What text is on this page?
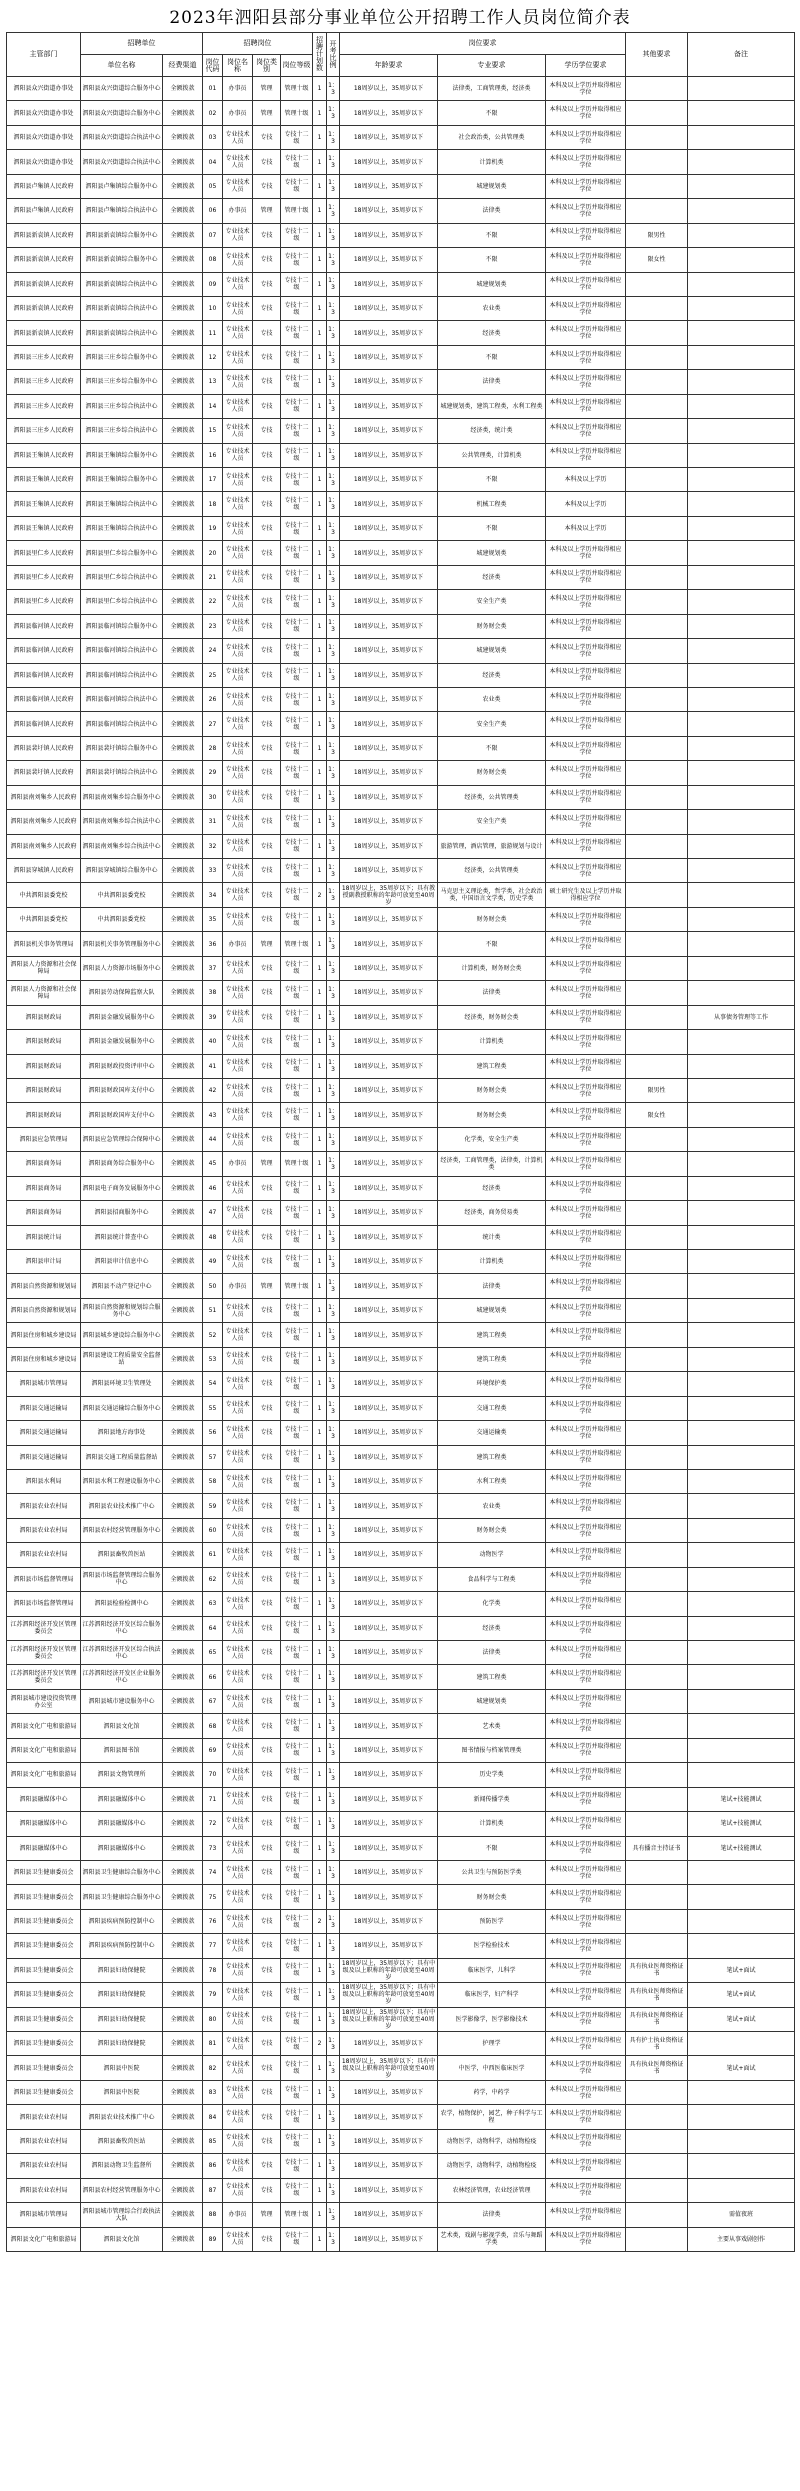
2023年泗阳县部分事业单位公开招聘工作人员岗位简介表
主管部门	招聘单位		招聘岗位				招聘计划数	开考比例	岗位要求			其他要求	备注
	单位名称	经费渠道	岗位代码	岗位名称	岗位类别	岗位等级			年龄要求	专业要求	学历学位要求		
泗阳县众兴街道办事处	泗阳县众兴街道综合服务中心	全额拨款	01	办事员	管理	管理十级	1	1：3	18周岁以上，35周岁以下	法律类，工商管理类，经济类	本科及以上学历并取得相应学位		
泗阳县众兴街道办事处	泗阳县众兴街道综合服务中心	全额拨款	02	办事员	管理	管理十级	1	1：3	18周岁以上，35周岁以下	不限	本科及以上学历并取得相应学位		
泗阳县众兴街道办事处	泗阳县众兴街道综合执法中心	全额拨款	03	专业技术人员	专技	专技十二级	1	1：3	18周岁以上，35周岁以下	社会政治类，公共管理类	本科及以上学历并取得相应学位		
泗阳县众兴街道办事处	泗阳县众兴街道综合执法中心	全额拨款	04	专业技术人员	专技	专技十二级	1	1：3	18周岁以上，35周岁以下	计算机类	本科及以上学历并取得相应学位		
泗阳县卢集镇人民政府	泗阳县卢集镇综合服务中心	全额拨款	05	专业技术人员	专技	专技十二级	1	1：3	18周岁以上，35周岁以下	城建规划类	本科及以上学历并取得相应学位		
泗阳县卢集镇人民政府	泗阳县卢集镇综合执法中心	全额拨款	06	办事员	管理	管理十级	1	1：3	18周岁以上，35周岁以下	法律类	本科及以上学历并取得相应学位		
泗阳县新袁镇人民政府	泗阳县新袁镇综合服务中心	全额拨款	07	专业技术人员	专技	专技十二级	1	1：3	18周岁以上，35周岁以下	不限	本科及以上学历并取得相应学位	限男性	
泗阳县新袁镇人民政府	泗阳县新袁镇综合服务中心	全额拨款	08	专业技术人员	专技	专技十二级	1	1：3	18周岁以上，35周岁以下	不限	本科及以上学历并取得相应学位	限女性	
泗阳县新袁镇人民政府	泗阳县新袁镇综合执法中心	全额拨款	09	专业技术人员	专技	专技十二级	1	1：3	18周岁以上，35周岁以下	城建规划类	本科及以上学历并取得相应学位		
泗阳县新袁镇人民政府	泗阳县新袁镇综合执法中心	全额拨款	10	专业技术人员	专技	专技十二级	1	1：3	18周岁以上，35周岁以下	农业类	本科及以上学历并取得相应学位		
泗阳县新袁镇人民政府	泗阳县新袁镇综合执法中心	全额拨款	11	专业技术人员	专技	专技十二级	1	1：3	18周岁以上，35周岁以下	经济类	本科及以上学历并取得相应学位		
泗阳县三庄乡人民政府	泗阳县三庄乡综合服务中心	全额拨款	12	专业技术人员	专技	专技十二级	1	1：3	18周岁以上，35周岁以下	不限	本科及以上学历并取得相应学位		
泗阳县三庄乡人民政府	泗阳县三庄乡综合服务中心	全额拨款	13	专业技术人员	专技	专技十二级	1	1：3	18周岁以上，35周岁以下	法律类	本科及以上学历并取得相应学位		
泗阳县三庄乡人民政府	泗阳县三庄乡综合执法中心	全额拨款	14	专业技术人员	专技	专技十二级	1	1：3	18周岁以上，35周岁以下	城建规划类，建筑工程类，水利工程类	本科及以上学历并取得相应学位		
泗阳县三庄乡人民政府	泗阳县三庄乡综合执法中心	全额拨款	15	专业技术人员	专技	专技十二级	1	1：3	18周岁以上，35周岁以下	经济类，统计类	本科及以上学历并取得相应学位		
泗阳县王集镇人民政府	泗阳县王集镇综合服务中心	全额拨款	16	专业技术人员	专技	专技十二级	1	1：3	18周岁以上，35周岁以下	公共管理类，计算机类	本科及以上学历并取得相应学位		
泗阳县王集镇人民政府	泗阳县王集镇综合服务中心	全额拨款	17	专业技术人员	专技	专技十二级	1	1：3	18周岁以上，35周岁以下	不限	本科及以上学历		
泗阳县王集镇人民政府	泗阳县王集镇综合执法中心	全额拨款	18	专业技术人员	专技	专技十二级	1	1：3	18周岁以上，35周岁以下	机械工程类	本科及以上学历		
泗阳县王集镇人民政府	泗阳县王集镇综合执法中心	全额拨款	19	专业技术人员	专技	专技十二级	1	1：3	18周岁以上，35周岁以下	不限	本科及以上学历		
泗阳县里仁乡人民政府	泗阳县里仁乡综合服务中心	全额拨款	20	专业技术人员	专技	专技十二级	1	1：3	18周岁以上，35周岁以下	城建规划类	本科及以上学历并取得相应学位		
泗阳县里仁乡人民政府	泗阳县里仁乡综合执法中心	全额拨款	21	专业技术人员	专技	专技十二级	1	1：3	18周岁以上，35周岁以下	经济类	本科及以上学历并取得相应学位		
泗阳县里仁乡人民政府	泗阳县里仁乡综合执法中心	全额拨款	22	专业技术人员	专技	专技十二级	1	1：3	18周岁以上，35周岁以下	安全生产类	本科及以上学历并取得相应学位		
泗阳县临河镇人民政府	泗阳县临河镇综合服务中心	全额拨款	23	专业技术人员	专技	专技十二级	1	1：3	18周岁以上，35周岁以下	财务财会类	本科及以上学历并取得相应学位		
泗阳县临河镇人民政府	泗阳县临河镇综合执法中心	全额拨款	24	专业技术人员	专技	专技十二级	1	1：3	18周岁以上，35周岁以下	城建规划类	本科及以上学历并取得相应学位		
泗阳县临河镇人民政府	泗阳县临河镇综合执法中心	全额拨款	25	专业技术人员	专技	专技十二级	1	1：3	18周岁以上，35周岁以下	经济类	本科及以上学历并取得相应学位		
泗阳县临河镇人民政府	泗阳县临河镇综合执法中心	全额拨款	26	专业技术人员	专技	专技十二级	1	1：3	18周岁以上，35周岁以下	农业类	本科及以上学历并取得相应学位		
泗阳县临河镇人民政府	泗阳县临河镇综合执法中心	全额拨款	27	专业技术人员	专技	专技十二级	1	1：3	18周岁以上，35周岁以下	安全生产类	本科及以上学历并取得相应学位		
泗阳县裴圩镇人民政府	泗阳县裴圩镇综合服务中心	全额拨款	28	专业技术人员	专技	专技十二级	1	1：3	18周岁以上，35周岁以下	不限	本科及以上学历并取得相应学位		
泗阳县裴圩镇人民政府	泗阳县裴圩镇综合执法中心	全额拨款	29	专业技术人员	专技	专技十二级	1	1：3	18周岁以上，35周岁以下	财务财会类	本科及以上学历并取得相应学位		
泗阳县南刘集乡人民政府	泗阳县南刘集乡综合服务中心	全额拨款	30	专业技术人员	专技	专技十二级	1	1：3	18周岁以上，35周岁以下	经济类，公共管理类	本科及以上学历并取得相应学位		
泗阳县南刘集乡人民政府	泗阳县南刘集乡综合执法中心	全额拨款	31	专业技术人员	专技	专技十二级	1	1：3	18周岁以上，35周岁以下	安全生产类	本科及以上学历并取得相应学位		
泗阳县南刘集乡人民政府	泗阳县南刘集乡综合执法中心	全额拨款	32	专业技术人员	专技	专技十二级	1	1：3	18周岁以上，35周岁以下	旅游管理，酒店管理，旅游规划与设计	本科及以上学历并取得相应学位		
泗阳县穿城镇人民政府	泗阳县穿城镇综合服务中心	全额拨款	33	专业技术人员	专技	专技十二级	1	1：3	18周岁以上，35周岁以下	经济类，公共管理类	本科及以上学历并取得相应学位		
中共泗阳县委党校	中共泗阳县委党校	全额拨款	34	专业技术人员	专技	专技十二级	2	1：3	18周岁以上，35周岁以下；具有教授副教授职称的年龄可放宽至40周岁	马克思主义理论类，哲学类，社会政治类，中国语言文学类，历史学类	硕士研究生及以上学历并取得相应学位		
中共泗阳县委党校	中共泗阳县委党校	全额拨款	35	专业技术人员	专技	专技十二级	1	1：3	18周岁以上，35周岁以下	财务财会类	本科及以上学历并取得相应学位		
泗阳县机关事务管理局	泗阳县机关事务管理服务中心	全额拨款	36	办事员	管理	管理十级	1	1：3	18周岁以上，35周岁以下	不限	本科及以上学历并取得相应学位		
泗阳县人力资源和社会保障局	泗阳县人力资源市场服务中心	全额拨款	37	专业技术人员	专技	专技十二级	1	1：3	18周岁以上，35周岁以下	计算机类，财务财会类	本科及以上学历并取得相应学位		
泗阳县人力资源和社会保障局	泗阳县劳动保障监察大队	全额拨款	38	专业技术人员	专技	专技十二级	1	1：3	18周岁以上，35周岁以下	法律类	本科及以上学历并取得相应学位		
泗阳县财政局	泗阳县金融发展服务中心	全额拨款	39	专业技术人员	专技	专技十二级	1	1：3	18周岁以上，35周岁以下	经济类，财务财会类	本科及以上学历并取得相应学位		从事债务管理等工作
泗阳县财政局	泗阳县金融发展服务中心	全额拨款	40	专业技术人员	专技	专技十二级	1	1：3	18周岁以上，35周岁以下	计算机类	本科及以上学历并取得相应学位		
泗阳县财政局	泗阳县财政投资评审中心	全额拨款	41	专业技术人员	专技	专技十二级	1	1：3	18周岁以上，35周岁以下	建筑工程类	本科及以上学历并取得相应学位		
泗阳县财政局	泗阳县财政国库支付中心	全额拨款	42	专业技术人员	专技	专技十二级	1	1：3	18周岁以上，35周岁以下	财务财会类	本科及以上学历并取得相应学位	限男性	
泗阳县财政局	泗阳县财政国库支付中心	全额拨款	43	专业技术人员	专技	专技十二级	1	1：3	18周岁以上，35周岁以下	财务财会类	本科及以上学历并取得相应学位	限女性	
泗阳县应急管理局	泗阳县应急管理综合保障中心	全额拨款	44	专业技术人员	专技	专技十二级	1	1：3	18周岁以上，35周岁以下	化学类，安全生产类	本科及以上学历并取得相应学位		
泗阳县商务局	泗阳县商务综合服务中心	全额拨款	45	办事员	管理	管理十级	1	1：3	18周岁以上，35周岁以下	经济类，工商管理类，法律类，计算机类	本科及以上学历并取得相应学位		
泗阳县商务局	泗阳县电子商务发展服务中心	全额拨款	46	专业技术人员	专技	专技十二级	1	1：3	18周岁以上，35周岁以下	经济类	本科及以上学历并取得相应学位		
泗阳县商务局	泗阳县招商服务中心	全额拨款	47	专业技术人员	专技	专技十二级	1	1：3	18周岁以上，35周岁以下	经济类，商务贸易类	本科及以上学历并取得相应学位		
泗阳县统计局	泗阳县统计普查中心	全额拨款	48	专业技术人员	专技	专技十二级	1	1：3	18周岁以上，35周岁以下	统计类	本科及以上学历并取得相应学位		
泗阳县审计局	泗阳县审计信息中心	全额拨款	49	专业技术人员	专技	专技十二级	1	1：3	18周岁以上，35周岁以下	计算机类	本科及以上学历并取得相应学位		
泗阳县自然资源和规划局	泗阳县不动产登记中心	全额拨款	50	办事员	管理	管理十级	1	1：3	18周岁以上，35周岁以下	法律类	本科及以上学历并取得相应学位		
泗阳县自然资源和规划局	泗阳县自然资源和规划综合服务中心	全额拨款	51	专业技术人员	专技	专技十二级	1	1：3	18周岁以上，35周岁以下	城建规划类	本科及以上学历并取得相应学位		
泗阳县住房和城乡建设局	泗阳县城乡建设综合服务中心	全额拨款	52	专业技术人员	专技	专技十二级	1	1：3	18周岁以上，35周岁以下	建筑工程类	本科及以上学历并取得相应学位		
泗阳县住房和城乡建设局	泗阳县建设工程质量安全监督站	全额拨款	53	专业技术人员	专技	专技十二级	1	1：3	18周岁以上，35周岁以下	建筑工程类	本科及以上学历并取得相应学位		
泗阳县城市管理局	泗阳县环境卫生管理处	全额拨款	54	专业技术人员	专技	专技十二级	1	1：3	18周岁以上，35周岁以下	环境保护类	本科及以上学历并取得相应学位		
泗阳县交通运输局	泗阳县交通运输综合服务中心	全额拨款	55	专业技术人员	专技	专技十二级	1	1：3	18周岁以上，35周岁以下	交通工程类	本科及以上学历并取得相应学位		
泗阳县交通运输局	泗阳县地方海事处	全额拨款	56	专业技术人员	专技	专技十二级	1	1：3	18周岁以上，35周岁以下	交通运输类	本科及以上学历并取得相应学位		
泗阳县交通运输局	泗阳县交通工程质量监督站	全额拨款	57	专业技术人员	专技	专技十二级	1	1：3	18周岁以上，35周岁以下	建筑工程类	本科及以上学历并取得相应学位		
泗阳县水利局	泗阳县水利工程建设服务中心	全额拨款	58	专业技术人员	专技	专技十二级	1	1：3	18周岁以上，35周岁以下	水利工程类	本科及以上学历并取得相应学位		
泗阳县农业农村局	泗阳县农业技术推广中心	全额拨款	59	专业技术人员	专技	专技十二级	1	1：3	18周岁以上，35周岁以下	农业类	本科及以上学历并取得相应学位		
泗阳县农业农村局	泗阳县农村经营管理服务中心	全额拨款	60	专业技术人员	专技	专技十二级	1	1：3	18周岁以上，35周岁以下	财务财会类	本科及以上学历并取得相应学位		
泗阳县农业农村局	泗阳县畜牧兽医站	全额拨款	61	专业技术人员	专技	专技十二级	1	1：3	18周岁以上，35周岁以下	动物医学	本科及以上学历并取得相应学位		
泗阳县市场监督管理局	泗阳县市场监督管理综合服务中心	全额拨款	62	专业技术人员	专技	专技十二级	1	1：3	18周岁以上，35周岁以下	食品科学与工程类	本科及以上学历并取得相应学位		
泗阳县市场监督管理局	泗阳县检验检测中心	全额拨款	63	专业技术人员	专技	专技十二级	1	1：3	18周岁以上，35周岁以下	化学类	本科及以上学历并取得相应学位		
江苏泗阳经济开发区管理委员会	江苏泗阳经济开发区综合服务中心	全额拨款	64	专业技术人员	专技	专技十二级	1	1：3	18周岁以上，35周岁以下	经济类	本科及以上学历并取得相应学位		
江苏泗阳经济开发区管理委员会	江苏泗阳经济开发区综合执法中心	全额拨款	65	专业技术人员	专技	专技十二级	1	1：3	18周岁以上，35周岁以下	法律类	本科及以上学历并取得相应学位		
江苏泗阳经济开发区管理委员会	江苏泗阳经济开发区企业服务中心	全额拨款	66	专业技术人员	专技	专技十二级	1	1：3	18周岁以上，35周岁以下	建筑工程类	本科及以上学历并取得相应学位		
泗阳县城市建设投资管理办公室	泗阳县城市建设服务中心	全额拨款	67	专业技术人员	专技	专技十二级	1	1：3	18周岁以上，35周岁以下	城建规划类	本科及以上学历并取得相应学位		
泗阳县文化广电和旅游局	泗阳县文化馆	全额拨款	68	专业技术人员	专技	专技十二级	1	1：3	18周岁以上，35周岁以下	艺术类	本科及以上学历并取得相应学位		
泗阳县文化广电和旅游局	泗阳县图书馆	全额拨款	69	专业技术人员	专技	专技十二级	1	1：3	18周岁以上，35周岁以下	图书情报与档案管理类	本科及以上学历并取得相应学位		
泗阳县文化广电和旅游局	泗阳县文物管理所	全额拨款	70	专业技术人员	专技	专技十二级	1	1：3	18周岁以上，35周岁以下	历史学类	本科及以上学历并取得相应学位		
泗阳县融媒体中心	泗阳县融媒体中心	全额拨款	71	专业技术人员	专技	专技十二级	1	1：3	18周岁以上，35周岁以下	新闻传播学类	本科及以上学历并取得相应学位		笔试+技能测试
泗阳县融媒体中心	泗阳县融媒体中心	全额拨款	72	专业技术人员	专技	专技十二级	1	1：3	18周岁以上，35周岁以下	计算机类	本科及以上学历并取得相应学位		笔试+技能测试
泗阳县融媒体中心	泗阳县融媒体中心	全额拨款	73	专业技术人员	专技	专技十二级	1	1：3	18周岁以上，35周岁以下	不限	本科及以上学历并取得相应学位	具有播音主持证书	笔试+技能测试
泗阳县卫生健康委员会	泗阳县卫生健康综合服务中心	全额拨款	74	专业技术人员	专技	专技十二级	1	1：3	18周岁以上，35周岁以下	公共卫生与预防医学类	本科及以上学历并取得相应学位		
泗阳县卫生健康委员会	泗阳县卫生健康综合服务中心	全额拨款	75	专业技术人员	专技	专技十二级	1	1：3	18周岁以上，35周岁以下	财务财会类	本科及以上学历并取得相应学位		
泗阳县卫生健康委员会	泗阳县疾病预防控制中心	全额拨款	76	专业技术人员	专技	专技十二级	2	1：3	18周岁以上，35周岁以下	预防医学	本科及以上学历并取得相应学位		
泗阳县卫生健康委员会	泗阳县疾病预防控制中心	全额拨款	77	专业技术人员	专技	专技十二级	1	1：3	18周岁以上，35周岁以下	医学检验技术	本科及以上学历并取得相应学位		
泗阳县卫生健康委员会	泗阳县妇幼保健院	全额拨款	78	专业技术人员	专技	专技十二级	1	1：3	18周岁以上，35周岁以下；具有中级及以上职称的年龄可放宽至40周岁	临床医学，儿科学	本科及以上学历并取得相应学位	具有执业医师资格证书	笔试+面试
泗阳县卫生健康委员会	泗阳县妇幼保健院	全额拨款	79	专业技术人员	专技	专技十二级	1	1：3	18周岁以上，35周岁以下；具有中级及以上职称的年龄可放宽至40周岁	临床医学，妇产科学	本科及以上学历并取得相应学位	具有执业医师资格证书	笔试+面试
泗阳县卫生健康委员会	泗阳县妇幼保健院	全额拨款	80	专业技术人员	专技	专技十二级	1	1：3	18周岁以上，35周岁以下；具有中级及以上职称的年龄可放宽至40周岁	医学影像学，医学影像技术	本科及以上学历并取得相应学位	具有执业医师资格证书	笔试+面试
泗阳县卫生健康委员会	泗阳县妇幼保健院	全额拨款	81	专业技术人员	专技	专技十二级	2	1：3	18周岁以上，35周岁以下	护理学	本科及以上学历并取得相应学位	具有护士执业资格证书	
泗阳县卫生健康委员会	泗阳县中医院	全额拨款	82	专业技术人员	专技	专技十二级	1	1：3	18周岁以上，35周岁以下；具有中级及以上职称的年龄可放宽至40周岁	中医学，中西医临床医学	本科及以上学历并取得相应学位	具有执业医师资格证书	笔试+面试
泗阳县卫生健康委员会	泗阳县中医院	全额拨款	83	专业技术人员	专技	专技十二级	1	1：3	18周岁以上，35周岁以下	药学，中药学	本科及以上学历并取得相应学位		
泗阳县农业农村局	泗阳县农业技术推广中心	全额拨款	84	专业技术人员	专技	专技十二级	1	1：3	18周岁以上，35周岁以下	农学，植物保护，园艺，种子科学与工程	本科及以上学历并取得相应学位		
泗阳县农业农村局	泗阳县畜牧兽医站	全额拨款	85	专业技术人员	专技	专技十二级	1	1：3	18周岁以上，35周岁以下	动物医学，动物科学，动植物检疫	本科及以上学历并取得相应学位		
泗阳县农业农村局	泗阳县动物卫生监督所	全额拨款	86	专业技术人员	专技	专技十二级	1	1：3	18周岁以上，35周岁以下	动物医学，动物科学，动植物检疫	本科及以上学历并取得相应学位		
泗阳县农业农村局	泗阳县农村经营管理服务中心	全额拨款	87	专业技术人员	专技	专技十二级	1	1：3	18周岁以上，35周岁以下	农林经济管理，农业经济管理	本科及以上学历并取得相应学位		
泗阳县城市管理局	泗阳县城市管理综合行政执法大队	全额拨款	88	办事员	管理	管理十级	1	1：3	18周岁以上，35周岁以下	法律类	本科及以上学历并取得相应学位		需值夜班
泗阳县文化广电和旅游局	泗阳县文化馆	全额拨款	89	专业技术人员	专技	专技十二级	1	1：3	18周岁以上，35周岁以下	艺术类，戏剧与影视学类，音乐与舞蹈学类	本科及以上学历并取得相应学位		主要从事戏剧创作
